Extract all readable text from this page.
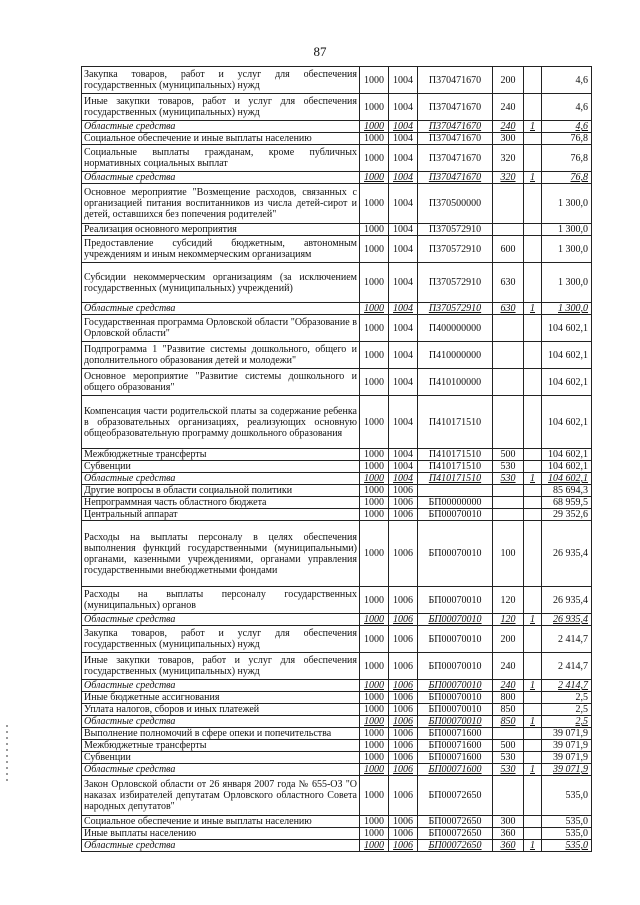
87
Закупка товаров, работ и услуг для обеспечения государственных (муниципальных) нужд	1000	1004	П370471670	200		4,6
Иные закупки товаров, работ и услуг для обеспечения государственных (муниципальных) нужд	1000	1004	П370471670	240		4,6
Областные средства	1000	1004	П370471670	240	1	4,6
Социальное обеспечение и иные выплаты населению	1000	1004	П370471670	300		76,8
Социальные выплаты гражданам, кроме публичных нормативных социальных выплат	1000	1004	П370471670	320		76,8
Областные средства	1000	1004	П370471670	320	1	76,8
Основное мероприятие "Возмещение расходов, связанных с организацией питания воспитанников из числа детей-сирот и детей, оставшихся без попечения родителей"	1000	1004	П370500000			1 300,0
Реализация основного мероприятия	1000	1004	П370572910			1 300,0
Предоставление субсидий бюджетным, автономным учреждениям и иным некоммерческим организациям	1000	1004	П370572910	600		1 300,0
Субсидии некоммерческим организациям (за исключением государственных (муниципальных) учреждений)	1000	1004	П370572910	630		1 300,0
Областные средства	1000	1004	П370572910	630	1	1 300,0
Государственная программа Орловской области "Образование в Орловской области"	1000	1004	П400000000			104 602,1
Подпрограмма 1 "Развитие системы дошкольного, общего и дополнительного образования детей и молодежи"	1000	1004	П410000000			104 602,1
Основное мероприятие "Развитие системы дошкольного и общего образования"	1000	1004	П410100000			104 602,1
Компенсация части родительской платы за содержание ребенка в образовательных организациях, реализующих основную общеобразовательную программу дошкольного образования	1000	1004	П410171510			104 602,1
Межбюджетные трансферты	1000	1004	П410171510	500		104 602,1
Субвенции	1000	1004	П410171510	530		104 602,1
Областные средства	1000	1004	П410171510	530	1	104 602,1
Другие вопросы в области социальной политики	1000	1006				85 694,3
Непрограммная часть областного бюджета	1000	1006	БП00000000			68 959,5
Центральный аппарат	1000	1006	БП00070010			29 352,6
Расходы на выплаты персоналу в целях обеспечения выполнения функций государственными (муниципальными) органами, казенными учреждениями, органами управления государственными внебюджетными фондами	1000	1006	БП00070010	100		26 935,4
Расходы на выплаты персоналу государственных (муниципальных) органов	1000	1006	БП00070010	120		26 935,4
Областные средства	1000	1006	БП00070010	120	1	26 935,4
Закупка товаров, работ и услуг для обеспечения государственных (муниципальных) нужд	1000	1006	БП00070010	200		2 414,7
Иные закупки товаров, работ и услуг для обеспечения государственных (муниципальных) нужд	1000	1006	БП00070010	240		2 414,7
Областные средства	1000	1006	БП00070010	240	1	2 414,7
Иные бюджетные ассигнования	1000	1006	БП00070010	800		2,5
Уплата налогов, сборов и иных платежей	1000	1006	БП00070010	850		2,5
Областные средства	1000	1006	БП00070010	850	1	2,5
Выполнение полномочий в сфере опеки и попечительства	1000	1006	БП00071600			39 071,9
Межбюджетные трансферты	1000	1006	БП00071600	500		39 071,9
Субвенции	1000	1006	БП00071600	530		39 071,9
Областные средства	1000	1006	БП00071600	530	1	39 071,9
Закон Орловской области от 26 января 2007 года № 655-ОЗ "О наказах избирателей депутатам Орловского областного Совета народных депутатов"	1000	1006	БП00072650			535,0
Социальное обеспечение и иные выплаты населению	1000	1006	БП00072650	300		535,0
Иные выплаты населению	1000	1006	БП00072650	360		535,0
Областные средства	1000	1006	БП00072650	360	1	535,0
